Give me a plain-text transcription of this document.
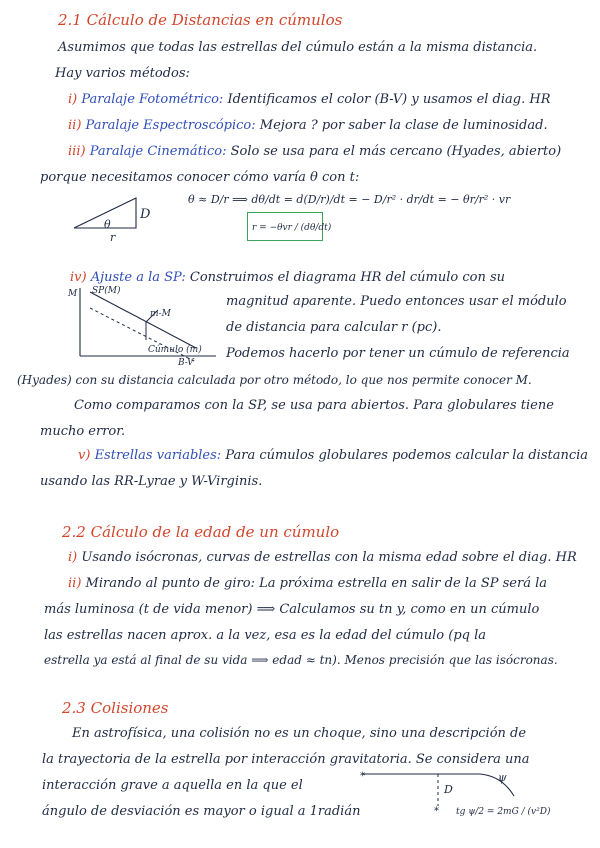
2.1 Cálculo de Distancias en cúmulos
Asumimos que todas las estrellas del cúmulo están a la misma distancia.
Hay varios métodos:
i) Paralaje Fotométrico: Identificamos el color (B-V) y usamos el diag. HR
ii) Paralaje Espectroscópico: Mejora ? por saber la clase de luminosidad.
iii) Paralaje Cinemático: Solo se usa para el más cercano (Hyades, abierto)
porque necesitamos conocer cómo varía θ con t:
θ
D
r
θ ≈ D/r ⟹ dθ/dt = d(D/r)/dt = − D/r² · dr/dt = − θr/r² · vr
r = −θvr / (dθ/dt)
iv) Ajuste a la SP: Construimos el diagrama HR del cúmulo con su
M SP(M)
m-M
Cúmulo (m)
B-V
magnitud aparente. Puedo entonces usar el módulo
de distancia para calcular r (pc).
Podemos hacerlo por tener un cúmulo de referencia
(Hyades) con su distancia calculada por otro método, lo que nos permite conocer M.
Como comparamos con la SP, se usa para abiertos. Para globulares tiene
mucho error.
v) Estrellas variables: Para cúmulos globulares podemos calcular la distancia
usando las RR-Lyrae y W-Virginis.
2.2 Cálculo de la edad de un cúmulo
i) Usando isócronas, curvas de estrellas con la misma edad sobre el diag. HR
ii) Mirando al punto de giro: La próxima estrella en salir de la SP será la
más luminosa (t de vida menor) ⟹ Calculamos su tn y, como en un cúmulo
las estrellas nacen aprox. a la vez, esa es la edad del cúmulo (pq la
estrella ya está al final de su vida ⟹ edad ≈ tn). Menos precisión que las isócronas.
2.3 Colisiones
En astrofísica, una colisión no es un choque, sino una descripción de
la trayectoria de la estrella por interacción gravitatoria. Se considera una
interacción grave a aquella en la que el
ángulo de desviación es mayor o igual a 1radián
*
*
D
ψ
tg ψ/2 = 2mG / (v²D)
